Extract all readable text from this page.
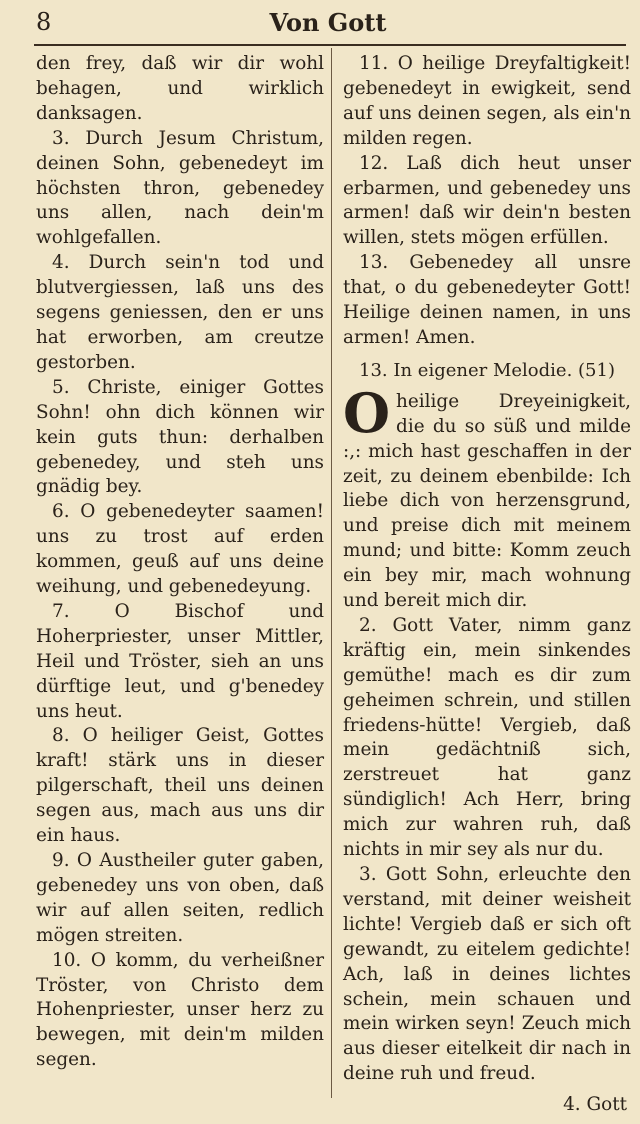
8	Von Gott

den frey, daß wir dir wohl behagen, und wirklich danksagen.

3. Durch Jesum Christum, deinen Sohn, gebenedeyt im höchsten thron, gebenedey uns allen, nach dein'm wohlgefallen.

4. Durch sein'n tod und blutvergiessen, laß uns des segens geniessen, den er uns hat erworben, am creutze gestorben.

5. Christe, einiger Gottes Sohn! ohn dich können wir kein guts thun: derhalben gebenedey, und steh uns gnädig bey.

6. O gebenedeyter saamen! uns zu trost auf erden kommen, geuß auf uns deine weihung, und gebenedeyung.

7. O Bischof und Hoherpriester, unser Mittler, Heil und Tröster, sieh an uns dürftige leut, und g'benedey uns heut.

8. O heiliger Geist, Gottes kraft! stärk uns in dieser pilgerschaft, theil uns deinen segen aus, mach aus uns dir ein haus.

9. O Austheiler guter gaben, gebenedey uns von oben, daß wir auf allen seiten, redlich mögen streiten.

10. O komm, du verheißner Tröster, von Christo dem Hohenpriester, unser herz zu bewegen, mit dein'm milden segen.

11. O heilige Dreyfaltigkeit! gebenedeyt in ewigkeit, send auf uns deinen segen, als ein'n milden regen.

12. Laß dich heut unser erbarmen, und gebenedey uns armen! daß wir dein'n besten willen, stets mögen erfüllen.

13. Gebenedey all unsre that, o du gebenedeyter Gott! Heilige deinen namen, in uns armen! Amen.

13. In eigener Melodie. (51)

Oheilige Dreyeinigkeit, die du so süß und milde :,: mich hast geschaffen in der zeit, zu deinem ebenbilde: Ich liebe dich von herzensgrund, und preise dich mit meinem mund; und bitte: Komm zeuch ein bey mir, mach wohnung und bereit mich dir.

2. Gott Vater, nimm ganz kräftig ein, mein sinkendes gemüthe! mach es dir zum geheimen schrein, und stillen friedens-hütte! Vergieb, daß mein gedächtniß sich, zerstreuet hat ganz sündiglich! Ach Herr, bring mich zur wahren ruh, daß nichts in mir sey als nur du.

3. Gott Sohn, erleuchte den verstand, mit deiner weisheit lichte! Vergieb daß er sich oft gewandt, zu eitelem gedichte! Ach, laß in deines lichtes schein, mein schauen und mein wirken seyn! Zeuch mich aus dieser eitelkeit dir nach in deine ruh und freud.

4. Gott
